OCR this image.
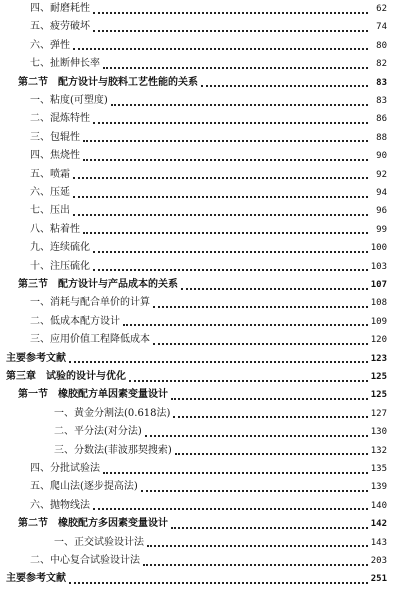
四、耐磨耗性	62
五、疲劳破坏	74
六、弹性	80
七、扯断伸长率	82
第二节　配方设计与胶料工艺性能的关系	83
一、粘度(可塑度)	83
二、混炼特性	86
三、包辊性	88
四、焦烧性	90
五、喷霜	92
六、压延	94
七、压出	96
八、粘着性	99
九、连续硫化	100
十、注压硫化	103
第三节　配方设计与产品成本的关系	107
一、消耗与配合单价的计算	108
二、低成本配方设计	109
三、应用价值工程降低成本	120
主要参考文献	123
第三章　试验的设计与优化	125
第一节　橡胶配方单因素变量设计	125
一、黄金分割法(0.618法)	127
二、平分法(对分法)	130
三、分数法(菲波那契搜索)	132
四、分批试验法	135
五、爬山法(逐步提高法)	139
六、抛物线法	140
第二节　橡胶配方多因素变量设计	142
一、正交试验设计法	143
二、中心复合试验设计法	203
主要参考文献	251
